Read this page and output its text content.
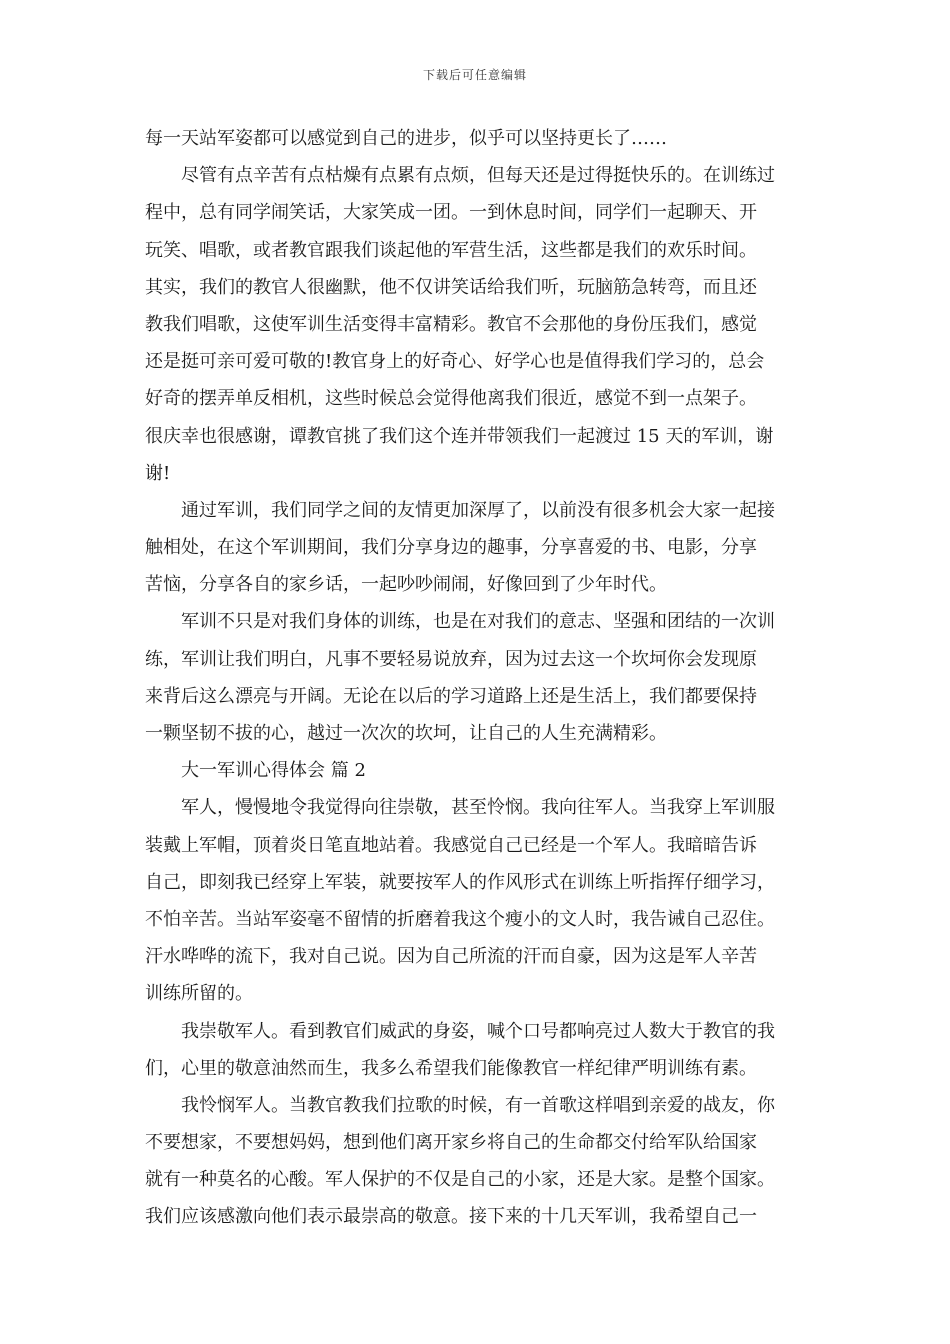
下载后可任意编辑
每一天站军姿都可以感觉到自己的进步，似乎可以坚持更长了……
　　尽管有点辛苦有点枯燥有点累有点烦，但每天还是过得挺快乐的。在训练过
程中，总有同学闹笑话，大家笑成一团。一到休息时间，同学们一起聊天、开
玩笑、唱歌，或者教官跟我们谈起他的军营生活，这些都是我们的欢乐时间。
其实，我们的教官人很幽默，他不仅讲笑话给我们听，玩脑筋急转弯，而且还
教我们唱歌，这使军训生活变得丰富精彩。教官不会那他的身份压我们，感觉
还是挺可亲可爱可敬的!教官身上的好奇心、好学心也是值得我们学习的，总会
好奇的摆弄单反相机，这些时候总会觉得他离我们很近，感觉不到一点架子。
很庆幸也很感谢，谭教官挑了我们这个连并带领我们一起渡过 15 天的军训，谢
谢!
　　通过军训，我们同学之间的友情更加深厚了，以前没有很多机会大家一起接
触相处，在这个军训期间，我们分享身边的趣事，分享喜爱的书、电影，分享
苦恼，分享各自的家乡话，一起吵吵闹闹，好像回到了少年时代。
　　军训不只是对我们身体的训练，也是在对我们的意志、坚强和团结的一次训
练，军训让我们明白，凡事不要轻易说放弃，因为过去这一个坎坷你会发现原
来背后这么漂亮与开阔。无论在以后的学习道路上还是生活上，我们都要保持
一颗坚韧不拔的心，越过一次次的坎坷，让自己的人生充满精彩。
　　大一军训心得体会 篇 2
　　军人，慢慢地令我觉得向往崇敬，甚至怜悯。我向往军人。当我穿上军训服
装戴上军帽，顶着炎日笔直地站着。我感觉自己已经是一个军人。我暗暗告诉
自己，即刻我已经穿上军装，就要按军人的作风形式在训练上听指挥仔细学习，
不怕辛苦。当站军姿毫不留情的折磨着我这个瘦小的文人时，我告诫自己忍住。
汗水哗哗的流下，我对自己说。因为自己所流的汗而自豪，因为这是军人辛苦
训练所留的。
　　我崇敬军人。看到教官们威武的身姿，喊个口号都响亮过人数大于教官的我
们，心里的敬意油然而生，我多么希望我们能像教官一样纪律严明训练有素。
　　我怜悯军人。当教官教我们拉歌的时候，有一首歌这样唱到亲爱的战友，你
不要想家，不要想妈妈，想到他们离开家乡将自己的生命都交付给军队给国家
就有一种莫名的心酸。军人保护的不仅是自己的小家，还是大家。是整个国家。
我们应该感激向他们表示最崇高的敬意。接下来的十几天军训，我希望自己一
